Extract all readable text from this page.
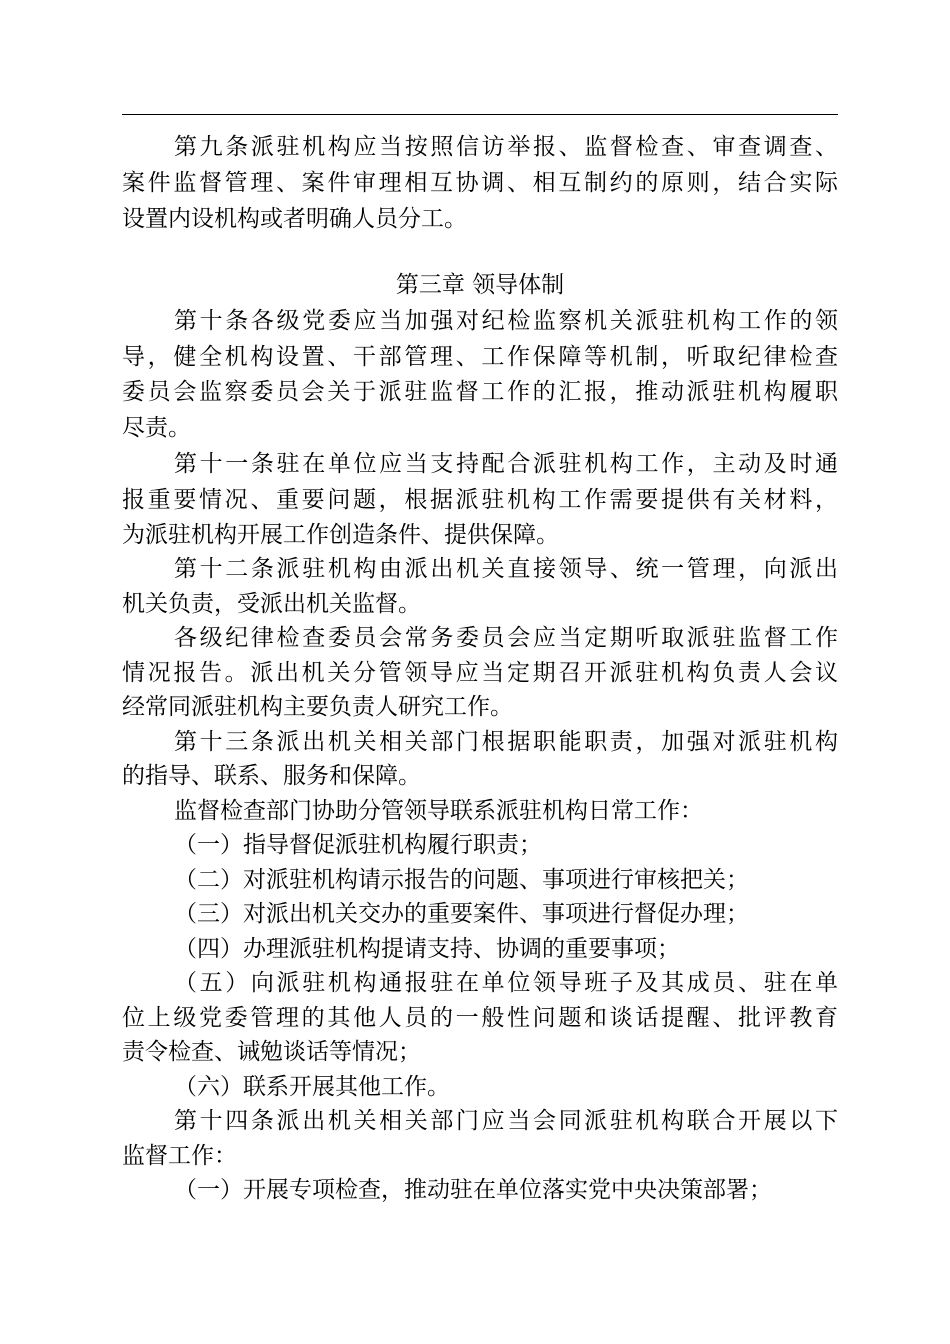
第九条派驻机构应当按照信访举报、监督检查、审查调查、
案件监督管理、案件审理相互协调、相互制约的原则，结合实际
设置内设机构或者明确人员分工。
第三章 领导体制
第十条各级党委应当加强对纪检监察机关派驻机构工作的领
导，健全机构设置、干部管理、工作保障等机制，听取纪律检查
委员会监察委员会关于派驻监督工作的汇报，推动派驻机构履职
尽责。
第十一条驻在单位应当支持配合派驻机构工作，主动及时通
报重要情况、重要问题，根据派驻机构工作需要提供有关材料，
为派驻机构开展工作创造条件、提供保障。
第十二条派驻机构由派出机关直接领导、统一管理，向派出
机关负责，受派出机关监督。
各级纪律检查委员会常务委员会应当定期听取派驻监督工作
情况报告。派出机关分管领导应当定期召开派驻机构负责人会议
经常同派驻机构主要负责人研究工作。
第十三条派出机关相关部门根据职能职责，加强对派驻机构
的指导、联系、服务和保障。
监督检查部门协助分管领导联系派驻机构日常工作：
（一）指导督促派驻机构履行职责；
（二）对派驻机构请示报告的问题、事项进行审核把关；
（三）对派出机关交办的重要案件、事项进行督促办理；
（四）办理派驻机构提请支持、协调的重要事项；
（五）向派驻机构通报驻在单位领导班子及其成员、驻在单
位上级党委管理的其他人员的一般性问题和谈话提醒、批评教育
责令检查、诫勉谈话等情况；
（六）联系开展其他工作。
第十四条派出机关相关部门应当会同派驻机构联合开展以下
监督工作：
（一）开展专项检查，推动驻在单位落实党中央决策部署；
